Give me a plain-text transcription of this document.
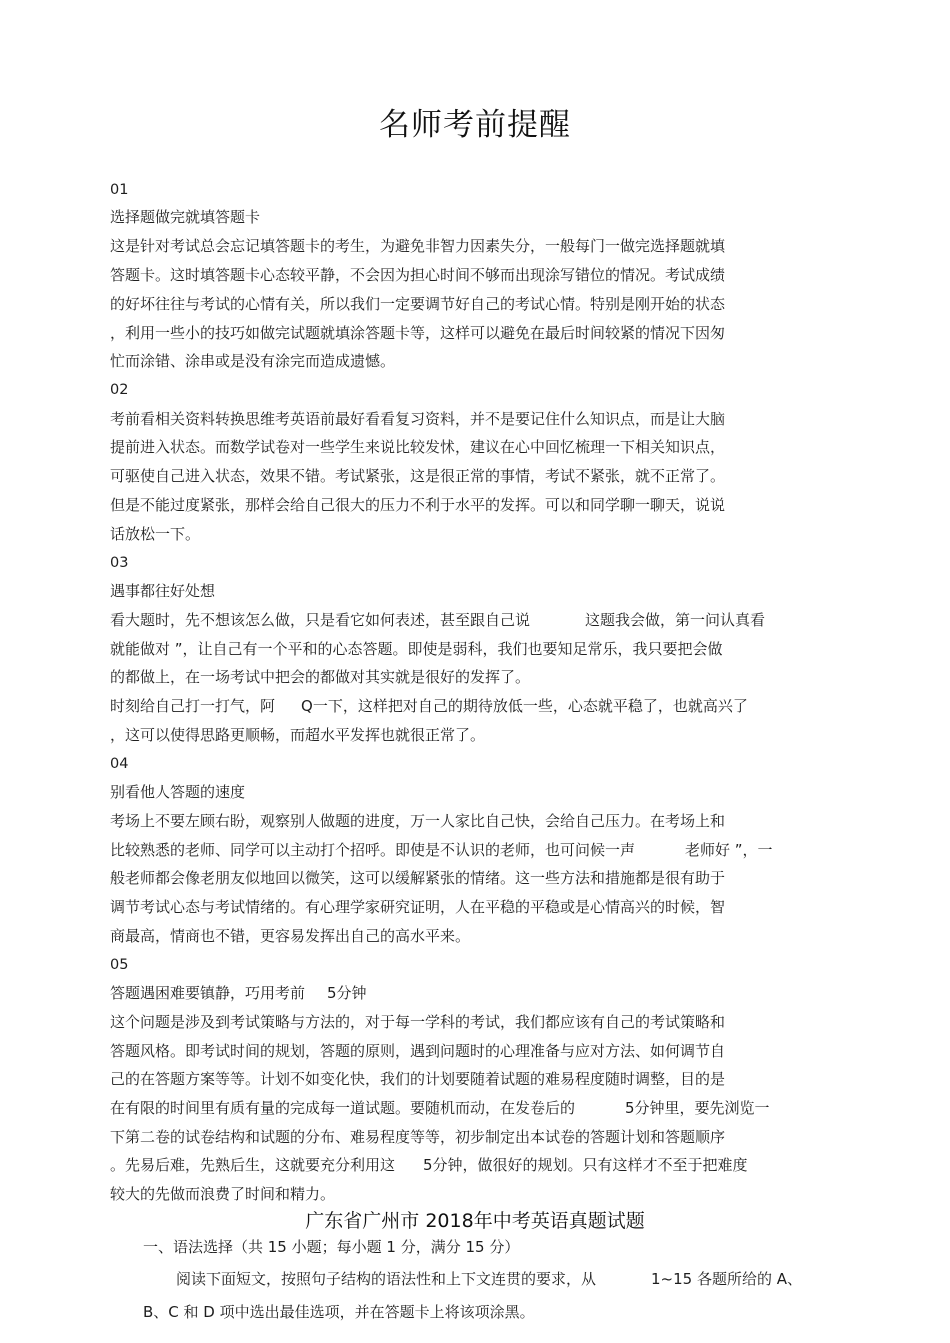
名师考前提醒
01
选择题做完就填答题卡
这是针对考试总会忘记填答题卡的考生，为避免非智力因素失分，一般每门一做完选择题就填
答题卡。这时填答题卡心态较平静，不会因为担心时间不够而出现涂写错位的情况。考试成绩
的好坏往往与考试的心情有关，所以我们一定要调节好自己的考试心情。特别是刚开始的状态
，利用一些小的技巧如做完试题就填涂答题卡等，这样可以避免在最后时间较紧的情况下因匆
忙而涂错、涂串或是没有涂完而造成遗憾。
02
考前看相关资料转换思维考英语前最好看看复习资料，并不是要记住什么知识点，而是让大脑
提前进入状态。而数学试卷对一些学生来说比较发怵，建议在心中回忆梳理一下相关知识点，
可驱使自己进入状态，效果不错。考试紧张，这是很正常的事情，考试不紧张，就不正常了。
但是不能过度紧张，那样会给自己很大的压力不利于水平的发挥。可以和同学聊一聊天，说说
话放松一下。
03
遇事都往好处想
看大题时，先不想该怎么做，只是看它如何表述，甚至跟自己说	这题我会做，第一问认真看
就能做对 ”，让自己有一个平和的心态答题。即使是弱科，我们也要知足常乐，我只要把会做
的都做上，在一场考试中把会的都做对其实就是很好的发挥了。
时刻给自己打一打气，阿 Q一下，这样把对自己的期待放低一些，心态就平稳了，也就高兴了
，这可以使得思路更顺畅，而超水平发挥也就很正常了。
04
别看他人答题的速度
考场上不要左顾右盼，观察别人做题的进度，万一人家比自己快，会给自己压力。在考场上和
比较熟悉的老师、同学可以主动打个招呼。即使是不认识的老师，也可问候一声	老师好 ”，一
般老师都会像老朋友似地回以微笑，这可以缓解紧张的情绪。这一些方法和措施都是很有助于
调节考试心态与考试情绪的。有心理学家研究证明，人在平稳的平稳或是心情高兴的时候，智
商最高，情商也不错，更容易发挥出自己的高水平来。
05
答题遇困难要镇静，巧用考前 5分钟
这个问题是涉及到考试策略与方法的，对于每一学科的考试，我们都应该有自己的考试策略和
答题风格。即考试时间的规划，答题的原则，遇到问题时的心理准备与应对方法、如何调节自
己的在答题方案等等。计划不如变化快，我们的计划要随着试题的难易程度随时调整，目的是
在有限的时间里有质有量的完成每一道试题。要随机而动，在发卷后的	5分钟里，要先浏览一
下第二卷的试卷结构和试题的分布、难易程度等等，初步制定出本试卷的答题计划和答题顺序
。先易后难，先熟后生，这就要充分利用这 5分钟，做很好的规划。只有这样才不至于把难度
较大的先做而浪费了时间和精力。
广东省广州市 2018年中考英语真题试题
一、语法选择（共 15 小题；每小题 1 分，满分 15 分）
阅读下面短文，按照句子结构的语法性和上下文连贯的要求，从	1~15 各题所给的 A、
B、C 和 D 项中选出最佳选项，并在答题卡上将该项涂黑。
